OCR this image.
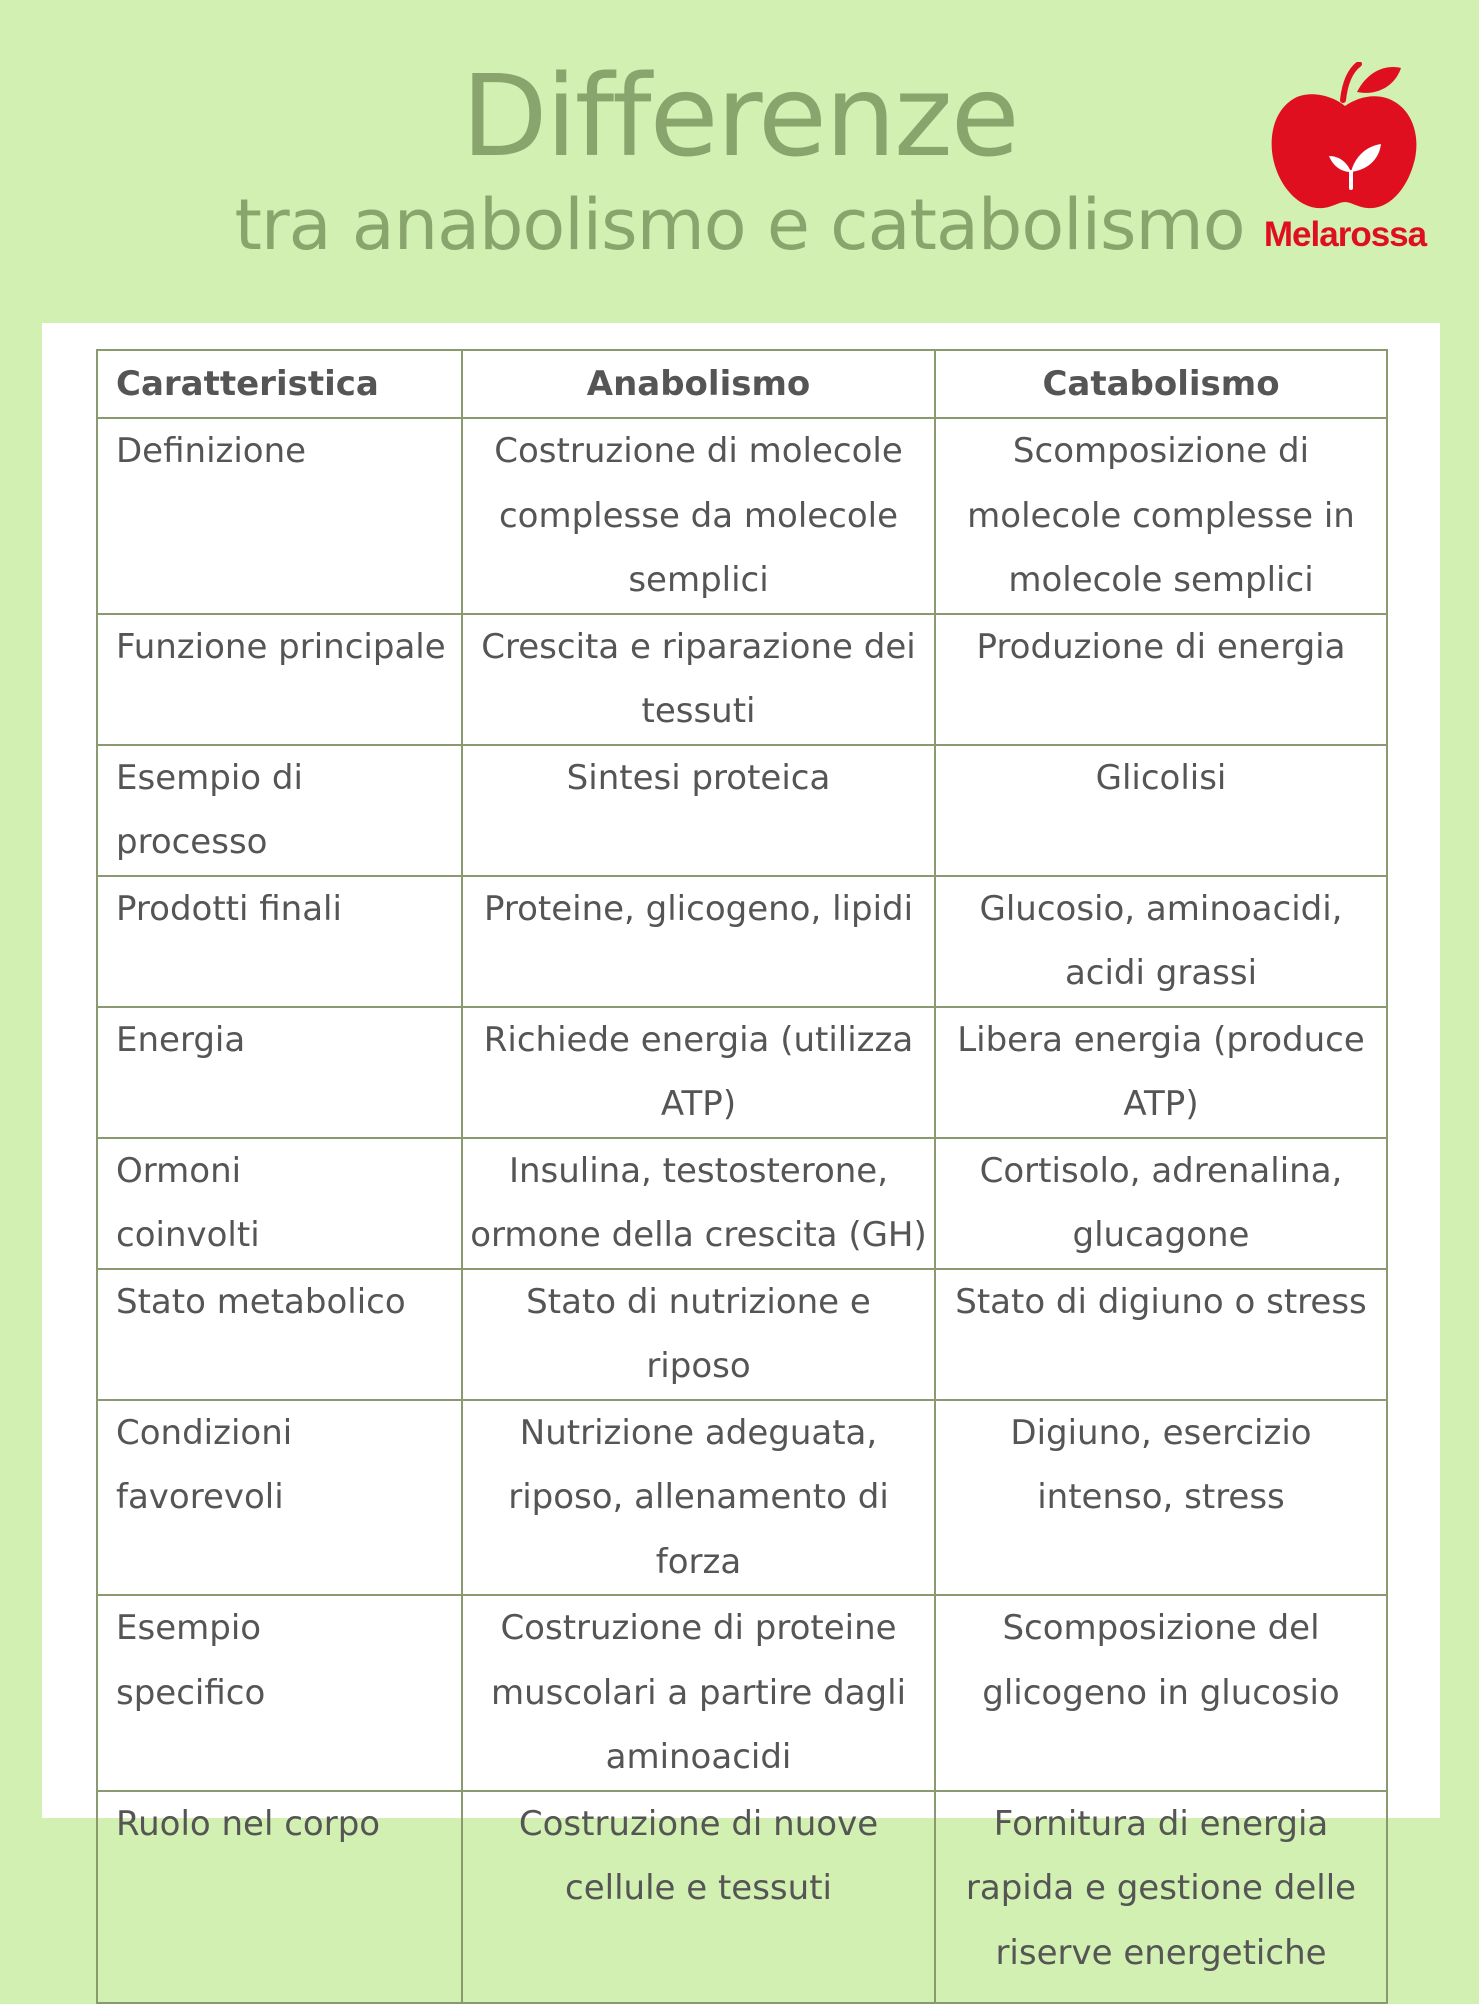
Differenze
tra anabolismo e catabolismo Melarossa
Caratteristica	Anabolismo	Catabolismo
Definizione	Costruzione di molecole complesse da molecole semplici	Scomposizione di molecole complesse in molecole semplici
Funzione principale	Crescita e riparazione dei tessuti	Produzione di energia
Esempio di processo	Sintesi proteica	Glicolisi
Prodotti finali	Proteine, glicogeno, lipidi	Glucosio, aminoacidi, acidi grassi
Energia	Richiede energia (utilizza ATP)	Libera energia (produce ATP)
Ormoni coinvolti	Insulina, testosterone, ormone della crescita (GH)	Cortisolo, adrenalina, glucagone
Stato metabolico	Stato di nutrizione e riposo	Stato di digiuno o stress
Condizioni favorevoli	Nutrizione adeguata, riposo, allenamento di forza	Digiuno, esercizio intenso, stress
Esempio specifico	Costruzione di proteine muscolari a partire dagli aminoacidi	Scomposizione del glicogeno in glucosio
Ruolo nel corpo	Costruzione di nuove cellule e tessuti	Fornitura di energia rapida e gestione delle riserve energetiche
